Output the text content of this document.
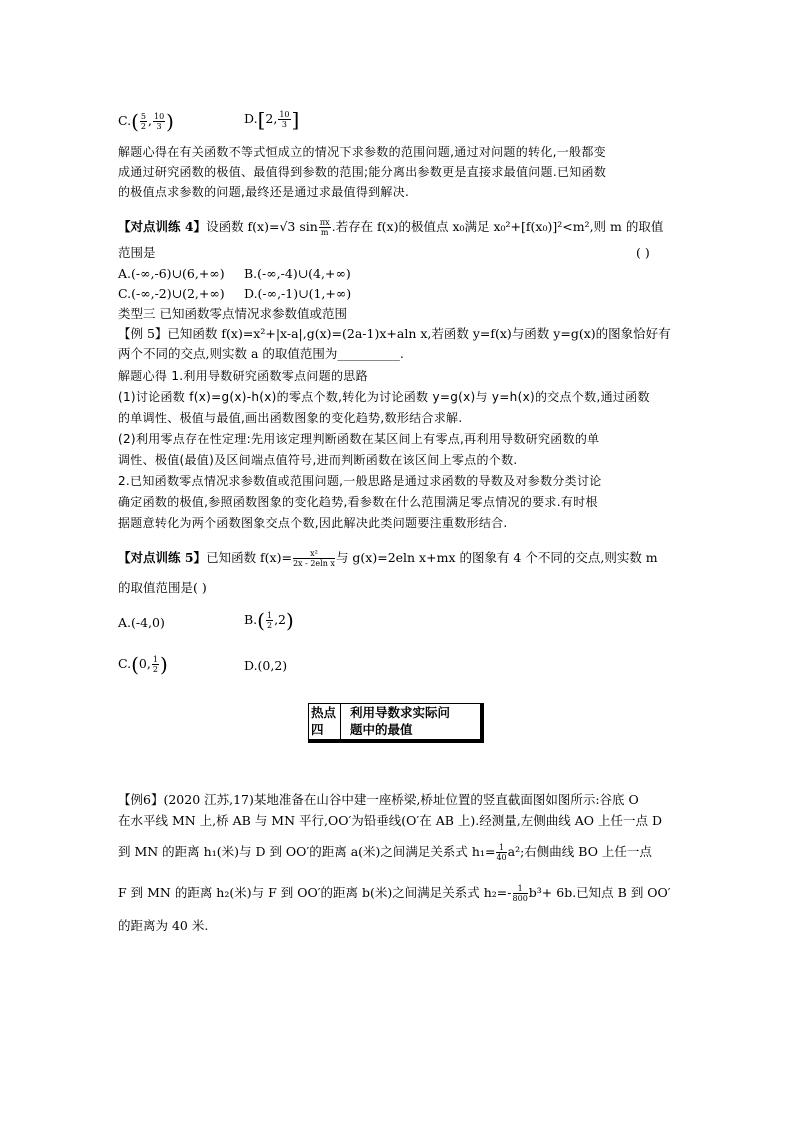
$C.( \frac{5}{2}$ , $\frac{10}{3}$ )	D.[2, $\frac{10}{3}$ ]
解题心得在有关函数不等式恒成立的情况下求参数的范围问题,通过对问题的转化,一般都变
成通过研究函数的极值、最值得到参数的范围;能分离出参数更是直接求最值问题.已知函数
的极值点求参数的问题,最终还是通过求最值得到解决.
【对点训练 4】设函数 f(x)=√3 $\sin \frac{\pi x}{m}$ .若存在 f(x)的极值点 x₀满足 x₀²+[f(x₀)]²<m²,则 m 的取值
范围是	( )
A.(-∞,-6)∪(6,+∞) B.(-∞,-4)∪(4,+∞)
C.(-∞,-2)∪(2,+∞) D.(-∞,-1)∪(1,+∞)
类型三 已知函数零点情况求参数值或范围
【例 5】已知函数 f(x)=x²+|x-a|,g(x)=(2a-1)x+aln x,若函数 y=f(x)与函数 y=g(x)的图象恰好有
两个不同的交点,则实数 a 的取值范围为__________.
解题心得 1.利用导数研究函数零点问题的思路
(1)讨论函数 f(x)=g(x)-h(x)的零点个数,转化为讨论函数 y=g(x)与 y=h(x)的交点个数,通过函数
的单调性、极值与最值,画出函数图象的变化趋势,数形结合求解.
(2)利用零点存在性定理:先用该定理判断函数在某区间上有零点,再利用导数研究函数的单
调性、极值(最值)及区间端点值符号,进而判断函数在该区间上零点的个数.
2.已知函数零点情况求参数值或范围问题,一般思路是通过求函数的导数及对参数分类讨论
确定函数的极值,参照函数图象的变化趋势,看参数在什么范围满足零点情况的要求.有时根
据题意转化为两个函数图象交点个数,因此解决此类问题要注重数形结合.
【对点训练 5】已知函数 $f(x)= \frac{\text{x²}}{\text{2x - 2eln x}}$ 与 g(x)=2eln x+mx 的图象有 4 个不同的交点,则实数 m
的取值范围是( )
A.(-4,0)	$B.( \frac{1}{2} ,2)$
C.(0, $\frac{1}{2}$ )	D.(0,2)
热点
四
利用导数求实际问
题中的最值
【例6】(2020 江苏,17)某地准备在山谷中建一座桥梁,桥址位置的竖直截面图如图所示:谷底 O
在水平线 MN 上,桥 AB 与 MN 平行,OO′为铅垂线(O′在 AB 上).经测量,左侧曲线 AO 上任一点 D
到 MN 的距离 h₁(米)与 D 到 OO′的距离 a(米)之间满足关系式 $h_1= \frac{1}{40} a^2$;右侧曲线 BO 上任一点
F 到 MN 的距离 h₂(米)与 F 到 OO′的距离 b(米)之间满足关系式 $h_2=- \frac{1}{800} b^3+ 6b$.已知点 B 到 OO′
的距离为 40 米.
